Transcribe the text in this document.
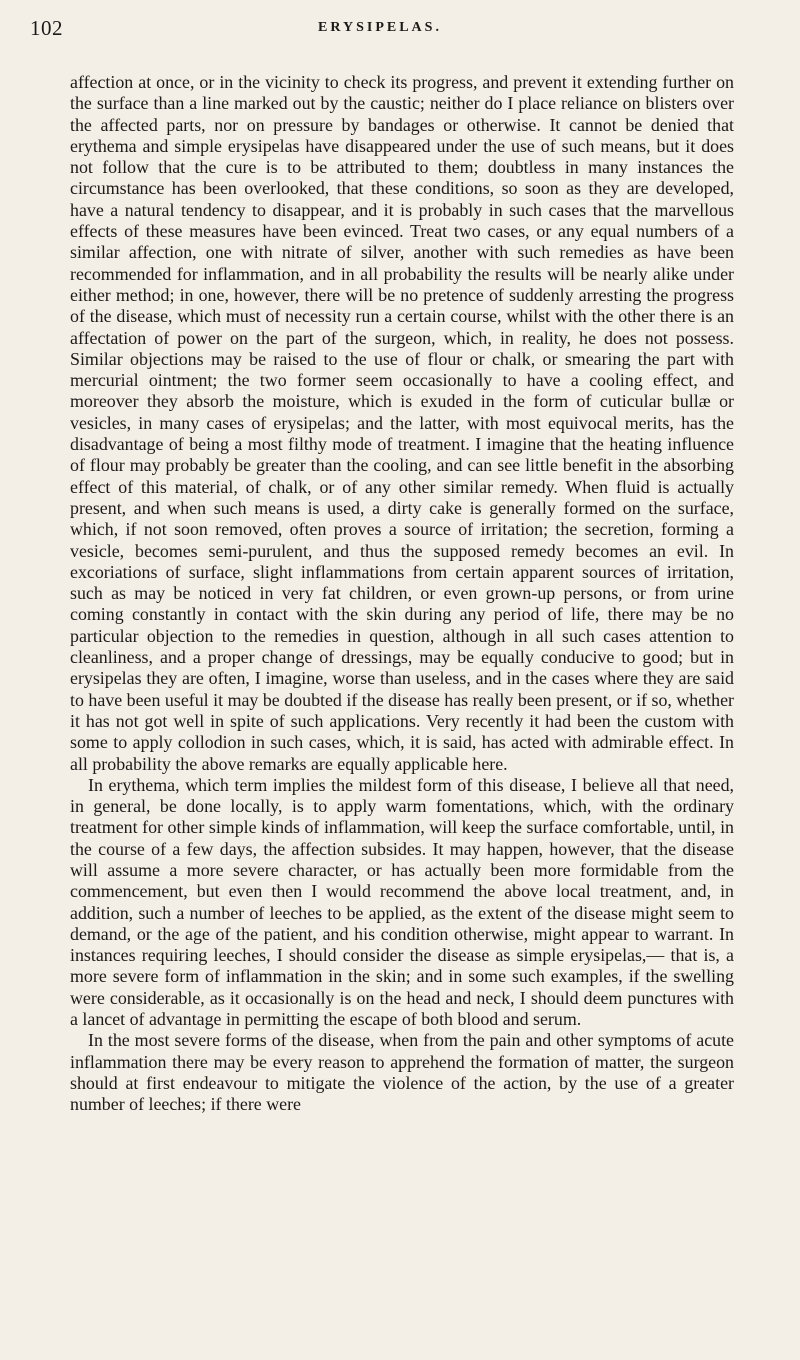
102	ERYSIPELAS.

affection at once, or in the vicinity to check its progress, and prevent it extending further on the surface than a line marked out by the caustic; neither do I place reliance on blisters over the affected parts, nor on pressure by bandages or otherwise. It cannot be denied that erythema and simple erysipelas have disappeared under the use of such means, but it does not follow that the cure is to be attributed to them; doubtless in many instances the circumstance has been overlooked, that these conditions, so soon as they are developed, have a natural tendency to disappear, and it is probably in such cases that the marvellous effects of these measures have been evinced. Treat two cases, or any equal numbers of a similar affection, one with nitrate of silver, another with such remedies as have been recommended for inflammation, and in all probability the results will be nearly alike under either method; in one, however, there will be no pretence of suddenly arresting the progress of the disease, which must of necessity run a certain course, whilst with the other there is an affectation of power on the part of the surgeon, which, in reality, he does not possess. Similar objections may be raised to the use of flour or chalk, or smearing the part with mercurial ointment; the two former seem occasionally to have a cooling effect, and moreover they absorb the moisture, which is exuded in the form of cuticular bullæ or vesicles, in many cases of erysipelas; and the latter, with most equivocal merits, has the disadvantage of being a most filthy mode of treatment. I imagine that the heating influence of flour may probably be greater than the cooling, and can see little benefit in the absorbing effect of this material, of chalk, or of any other similar remedy. When fluid is actually present, and when such means is used, a dirty cake is generally formed on the surface, which, if not soon removed, often proves a source of irritation; the secretion, forming a vesicle, becomes semi-purulent, and thus the supposed remedy becomes an evil. In excoriations of surface, slight inflammations from certain apparent sources of irritation, such as may be noticed in very fat children, or even grown-up persons, or from urine coming constantly in contact with the skin during any period of life, there may be no particular objection to the remedies in question, although in all such cases attention to cleanliness, and a proper change of dressings, may be equally conducive to good; but in erysipelas they are often, I imagine, worse than useless, and in the cases where they are said to have been useful it may be doubted if the disease has really been present, or if so, whether it has not got well in spite of such applications. Very recently it had been the custom with some to apply collodion in such cases, which, it is said, has acted with admirable effect. In all probability the above remarks are equally applicable here.

In erythema, which term implies the mildest form of this disease, I believe all that need, in general, be done locally, is to apply warm fomentations, which, with the ordinary treatment for other simple kinds of inflammation, will keep the surface comfortable, until, in the course of a few days, the affection subsides. It may happen, however, that the disease will assume a more severe character, or has actually been more formidable from the commencement, but even then I would recommend the above local treatment, and, in addition, such a number of leeches to be applied, as the extent of the disease might seem to demand, or the age of the patient, and his condition otherwise, might appear to warrant. In instances requiring leeches, I should consider the disease as simple erysipelas,— that is, a more severe form of inflammation in the skin; and in some such examples, if the swelling were considerable, as it occasionally is on the head and neck, I should deem punctures with a lancet of advantage in permitting the escape of both blood and serum.

In the most severe forms of the disease, when from the pain and other symptoms of acute inflammation there may be every reason to apprehend the formation of matter, the surgeon should at first endeavour to mitigate the violence of the action, by the use of a greater number of leeches; if there were
